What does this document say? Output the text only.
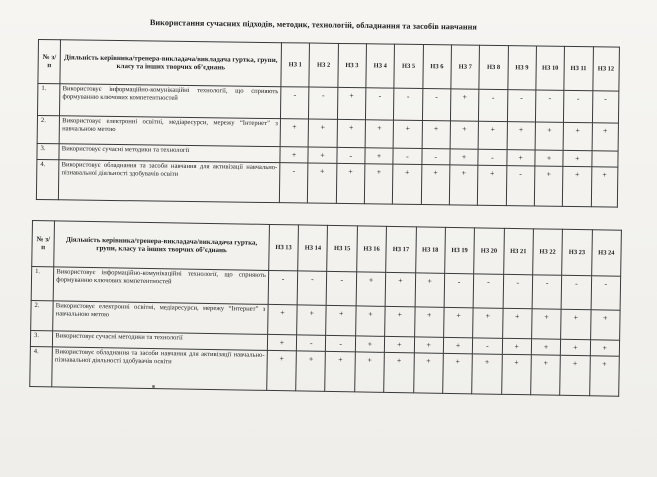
Використання сучасних підходів, методик, технологій, обладнання та засобів навчання
№ з/п	Діяльність керівника/тренера-викладача/викладача гуртка, групи, класу та інших творчих об’єднань	НЗ 1	НЗ 2	НЗ 3	НЗ 4	НЗ 5	НЗ 6	НЗ 7	НЗ 8	НЗ 9	НЗ 10	НЗ 11	НЗ 12
1.	Використовує інформаційно-комунікаційні технології, що сприяють формуванню ключових компетентностей	-	-	+	-	-	-	+	-	-	-	-	-
2.	Використовує електронні освітні, медіаресурси, мережу “Інтернет” з навчальною метою	+	+	+	+	+	+	+	+	+	+	+	+
3.	Використовує сучасні методики та технології	+	+	-	+	-	-	+	-	+	+	+	
4.	Використовує обладнання та засоби навчання для активізації навчально-пізнавальної діяльності здобувачів освіти	-	+	+	+	+	+	+	+	-	+	+	+
№ з/п	Діяльність керівника/тренера-викладача/викладача гуртка, групи, класу та інших творчих об’єднань	НЗ 13	НЗ 14	НЗ 15	НЗ 16	НЗ 17	НЗ 18	НЗ 19	НЗ 20	НЗ 21	НЗ 22	НЗ 23	НЗ 24
1.	Використовує інформаційно-комунікаційні технології, що сприяють формуванню ключових компетентностей	-	-	-	+	+	+	-	-	-	-	-	-
2.	Використовує електронні освітні, медіаресурси, мережу “Інтернет” з навчальною метою	+	+	+	+	+	+	+	+	+	+	+	+
3.	Використовує сучасні методики та технології	+	-	-	+	+	+	+	-	+	+	+	+
4.	Використовує обладнання та засоби навчання для активізації навчально-пізнавальної діяльності здобувачів освіти	+	+	+	+	+	+	+	+	+	+	+	+
